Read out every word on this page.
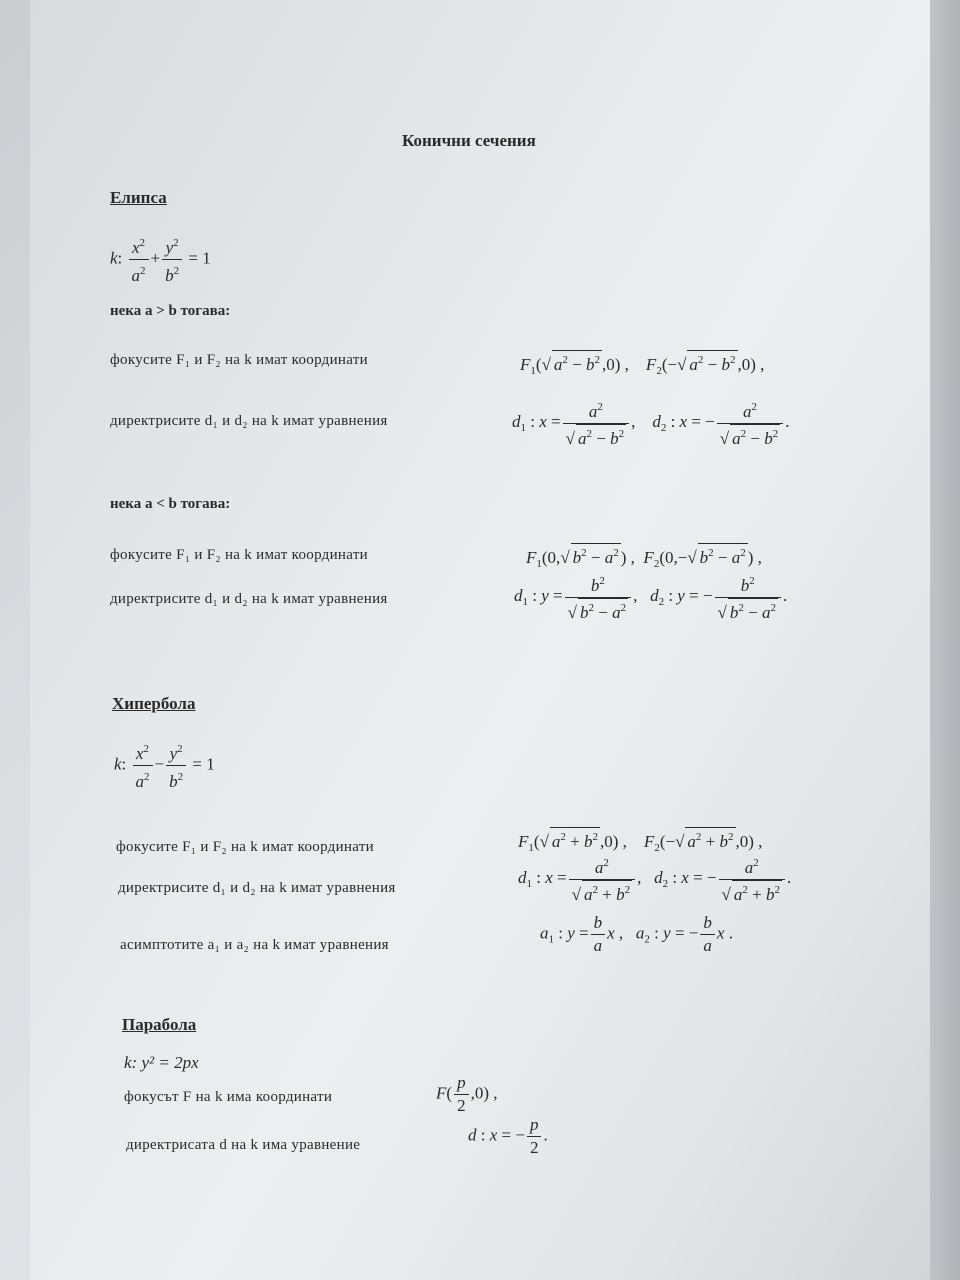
Конични сечения
Елипса
k: $\frac{x^2}{a^2} + \frac{y^2}{b^2} = 1$
нека a > b тогава:
фокусите F₁ и F₂ на k имат координати	$F_1(√$ $a^2 - b^2$ ,0) ,    $F_2(-√$ $a^2 - b^2$ ,0) ,
директрисите d₁ и d₂ на k имат уравнения	$d_1$ : $x = \frac{a^2}{√ a^2 - b^2}$ ,    $d_2$ : x = − $\frac{a^2}{√ a^2 - b^2}$ .
нека a < b тогава:
фокусите F₁ и F₂ на k имат координати	$F_1(0,√$ $b^2 - a^2$ ) ,  $F_2(0,-√$ $b^2 - a^2$ ) ,
директрисите d₁ и d₂ на k имат уравнения	$d_1$ : $y = \frac{b^2}{√ b^2 - a^2}$ ,   $d_2$ : y = − $\frac{b^2}{√ b^2 - a^2}$ .
Хипербола
k: $\frac{x^2}{a^2} - \frac{y^2}{b^2} = 1$
фокусите F₁ и F₂ на k имат координати	$F_1(√$ $a^2 + b^2$ ,0) ,    $F_2(-√$ $a^2 + b^2$ ,0) ,
директрисите d₁ и d₂ на k имат уравнения
$d_1$ : $x = \frac{a^2}{√ a^2 + b^2}$ ,   $d_2$ : x = − $\frac{a^2}{√ a^2 + b^2}$ .
асимптотите a₁ и a₂ на k имат уравнения
$a_1$ : $y = \frac{b}{a}$ x ,   $a_2$ : y = − $\frac{b}{a}$ x .
Парабола
k: y² = 2px
фокусът F на k има координати	$F( \frac{p}{2} ,0)$ ,
директрисата d на k има уравнение
d : x = − $\frac{p}{2}$ .
